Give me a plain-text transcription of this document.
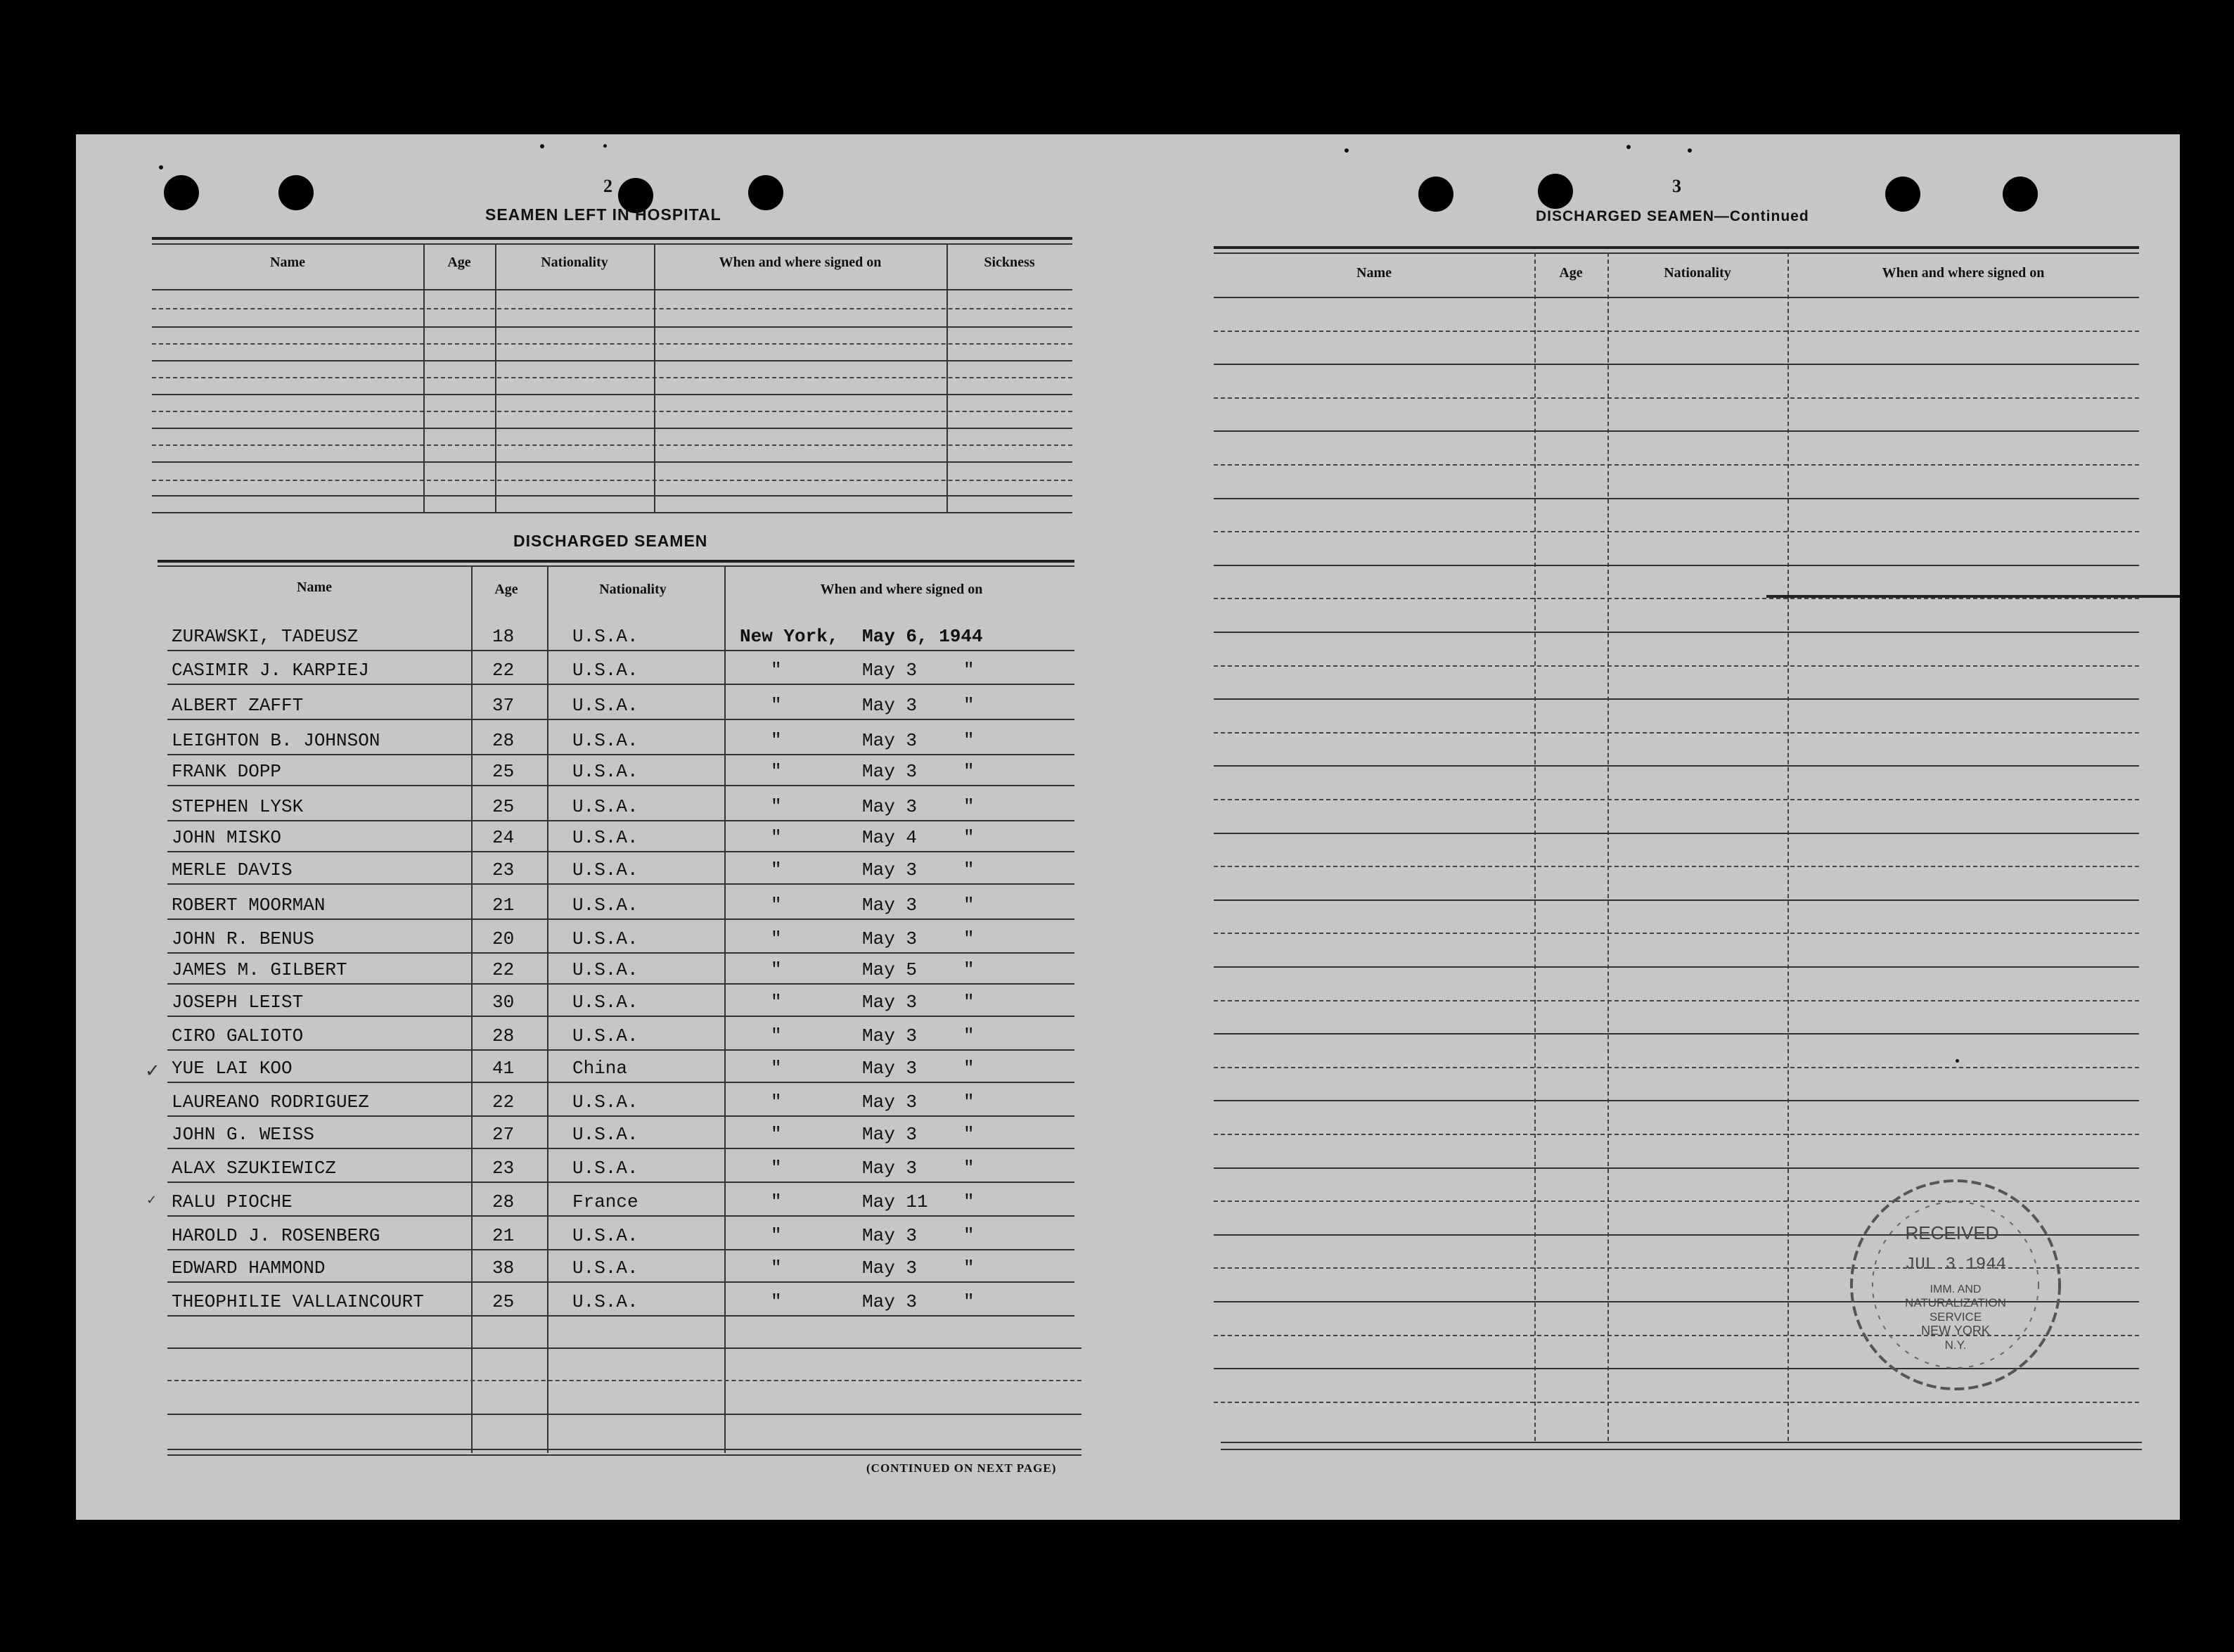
2
SEAMEN LEFT IN HOSPITAL
Name	Age	Nationality	When and where signed on	Sickness
DISCHARGED SEAMEN
Name	Age	Nationality	When and where signed on
ZURAWSKI, TADEUSZ	18	U.S.A.	New York, May 6, 1944
CASIMIR J. KARPIEJ	22	U.S.A.	"	May 3	"
ALBERT ZAFFT	37	U.S.A.	"	May 3	"
LEIGHTON B. JOHNSON	28	U.S.A.	"	May 3	"
FRANK DOPP	25	U.S.A.	"	May 3	"
STEPHEN LYSK	25	U.S.A.	"	May 3	"
JOHN MISKO	24	U.S.A.	"	May 4	"
MERLE DAVIS	23	U.S.A.	"	May 3	"
ROBERT MOORMAN	21	U.S.A.	"	May 3	"
JOHN R. BENUS	20	U.S.A.	"	May 3	"
JAMES M. GILBERT	22	U.S.A.	"	May 5	"
JOSEPH LEIST	30	U.S.A.	"	May 3	"
CIRO GALIOTO	28	U.S.A.	"	May 3	"
YUE LAI KOO	41	China	"	May 3	"
LAUREANO RODRIGUEZ	22	U.S.A.	"	May 3	"
JOHN G. WEISS	27	U.S.A.	"	May 3	"
ALAX SZUKIEWICZ	23	U.S.A.	"	May 3	"
RALU PIOCHE	28	France	"	May 11 "
HAROLD J. ROSENBERG	21	U.S.A.	"	May 3	"
EDWARD HAMMOND	38	U.S.A.	"	May 3	"
THEOPHILIE VALLAINCOURT	25	U.S.A.	"	May 3	"
✓
✓
(CONTINUED ON NEXT PAGE)
3
DISCHARGED SEAMEN—Continued
Name	Age	Nationality	When and where signed on
RECEIVED
JUL 3 1944
IMM. AND
NATURALIZATION
SERVICE
NEW YORK
N.Y.
